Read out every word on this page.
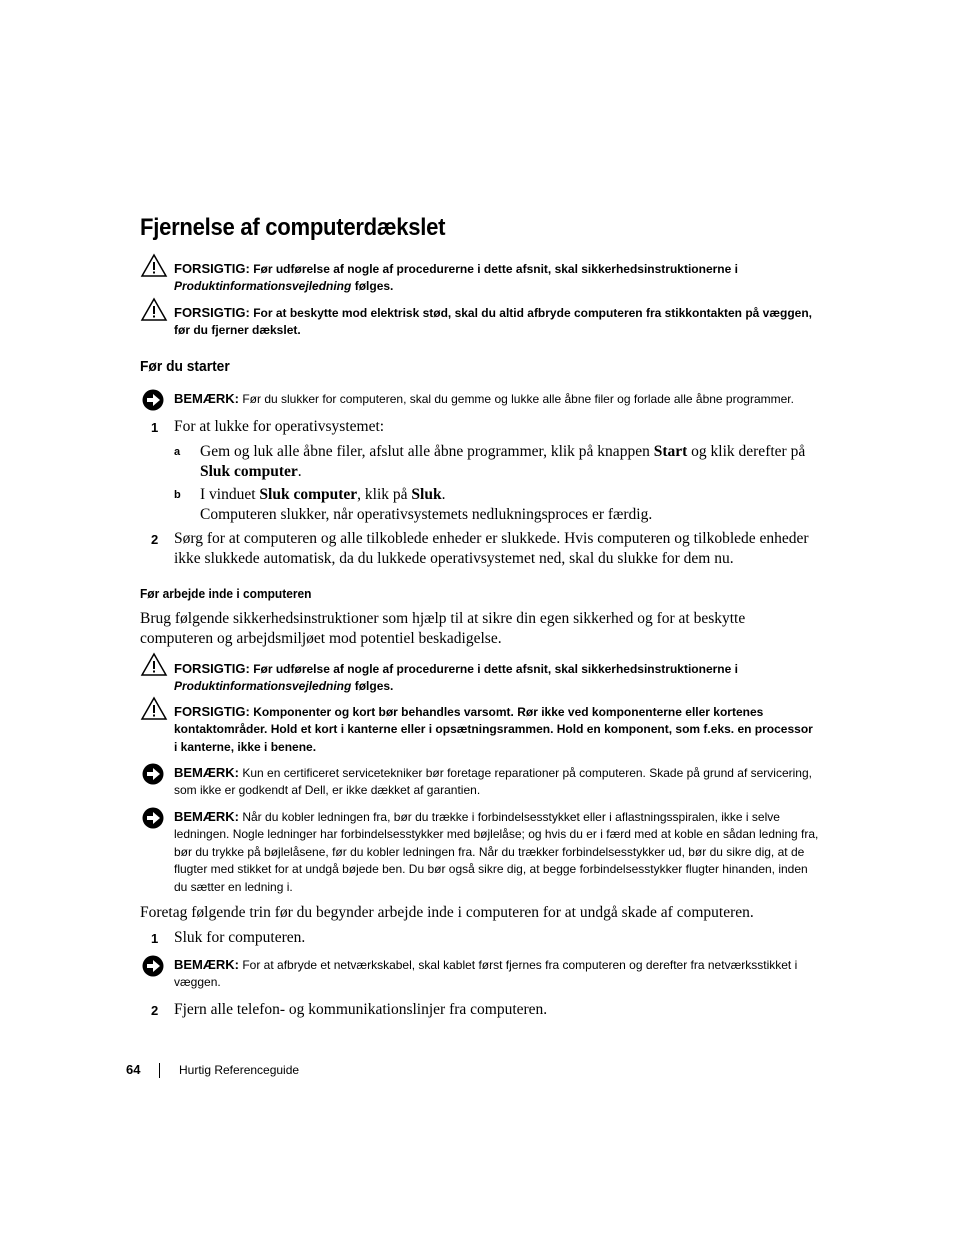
Fjernelse af computerdækslet
FORSIGTIG: Før udførelse af nogle af procedurerne i dette afsnit, skal sikkerhedsinstruktionerne i
Produktinformationsvejledning følges.
FORSIGTIG: For at beskytte mod elektrisk stød, skal du altid afbryde computeren fra stikkontakten på væggen, før du fjerner dækslet.
Før du starter
BEMÆRK: Før du slukker for computeren, skal du gemme og lukke alle åbne filer og forlade alle åbne programmer.
1 For at lukke for operativsystemet:
a Gem og luk alle åbne filer, afslut alle åbne programmer, klik på knappen Start og klik derefter på Sluk computer.
b I vinduet Sluk computer, klik på Sluk.
Computeren slukker, når operativsystemets nedlukningsproces er færdig.
2 Sørg for at computeren og alle tilkoblede enheder er slukkede. Hvis computeren og tilkoblede enheder ikke slukkede automatisk, da du lukkede operativsystemet ned, skal du slukke for dem nu.
Før arbejde inde i computeren
Brug følgende sikkerhedsinstruktioner som hjælp til at sikre din egen sikkerhed og for at beskytte computeren og arbejdsmiljøet mod potentiel beskadigelse.
FORSIGTIG: Før udførelse af nogle af procedurerne i dette afsnit, skal sikkerhedsinstruktionerne i
Produktinformationsvejledning følges.
FORSIGTIG: Komponenter og kort bør behandles varsomt. Rør ikke ved komponenterne eller kortenes kontaktområder. Hold et kort i kanterne eller i opsætningsrammen. Hold en komponent, som f.eks. en processor i kanterne, ikke i benene.
BEMÆRK: Kun en certificeret servicetekniker bør foretage reparationer på computeren. Skade på grund af servicering, som ikke er godkendt af Dell, er ikke dækket af garantien.
BEMÆRK: Når du kobler ledningen fra, bør du trække i forbindelsesstykket eller i aflastningsspiralen, ikke i selve ledningen. Nogle ledninger har forbindelsesstykker med bøjlelåse; og hvis du er i færd med at koble en sådan ledning fra, bør du trykke på bøjlelåsene, før du kobler ledningen fra. Når du trækker forbindelsesstykker ud, bør du sikre dig, at de flugter med stikket for at undgå bøjede ben. Du bør også sikre dig, at begge forbindelsesstykker flugter hinanden, inden du sætter en ledning i.
Foretag følgende trin før du begynder arbejde inde i computeren for at undgå skade af computeren.
1 Sluk for computeren.
BEMÆRK: For at afbryde et netværkskabel, skal kablet først fjernes fra computeren og derefter fra netværksstikket i væggen.
2 Fjern alle telefon- og kommunikationslinjer fra computeren.
64	Hurtig Referenceguide
